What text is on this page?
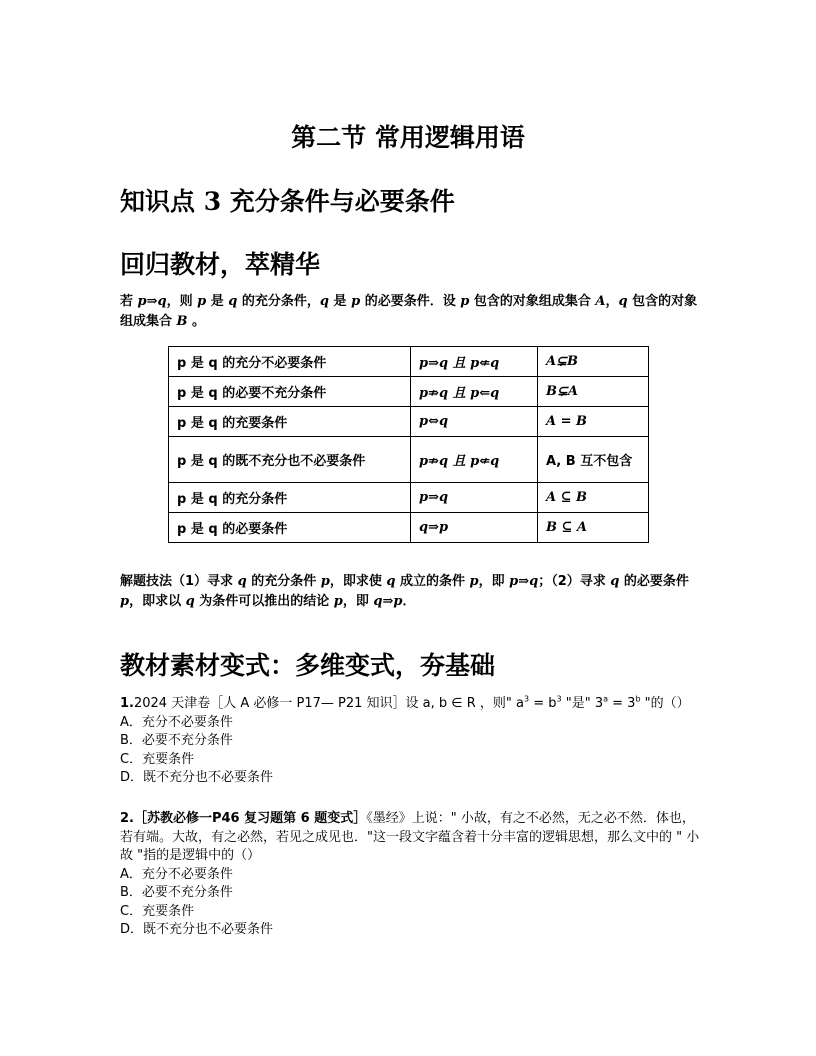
第二节 常用逻辑用语
知识点 3 充分条件与必要条件
回归教材，萃精华
若 p⇒q，则 p 是 q 的充分条件，q 是 p 的必要条件．设 p 包含的对象组成集合 A，q 包含的对象组成集合 B 。
p 是 q 的充分不必要条件	p⇒q 且 p⇍q	A⊊B
p 是 q 的必要不充分条件	p⇏q 且 p⇐q	B⊊A
p 是 q 的充要条件	p⇔q	A = B
p 是 q 的既不充分也不必要条件	p⇏q 且 p⇍q	A, B 互不包含
p 是 q 的充分条件	p⇒q	A ⊆ B
p 是 q 的必要条件	q⇒p	B ⊆ A
解题技法（1）寻求 q 的充分条件 p，即求使 q 成立的条件 p，即 p⇒q；（2）寻求 q 的必要条件 p，即求以 q 为条件可以推出的结论 p，即 q⇒p．
教材素材变式：多维变式，夯基础

1.2024 天津卷［人 A 必修一 P17— P21 知识］设 a, b ∈ R ，则" $a^3 = b^3$ "是" $3^a = 3^b$ "的（）

A．充分不必要条件

B．必要不充分条件

C．充要条件

D．既不充分也不必要条件

2.［苏教必修一P46 复习题第 6 题变式］《墨经》上说：" 小故，有之不必然，无之必不然．体也，若有端。大故，有之必然，若见之成见也．"这一段文字蕴含着十分丰富的逻辑思想，那么文中的 " 小故 "指的是逻辑中的（）

A．充分不必要条件

B．必要不充分条件

C．充要条件

D．既不充分也不必要条件
